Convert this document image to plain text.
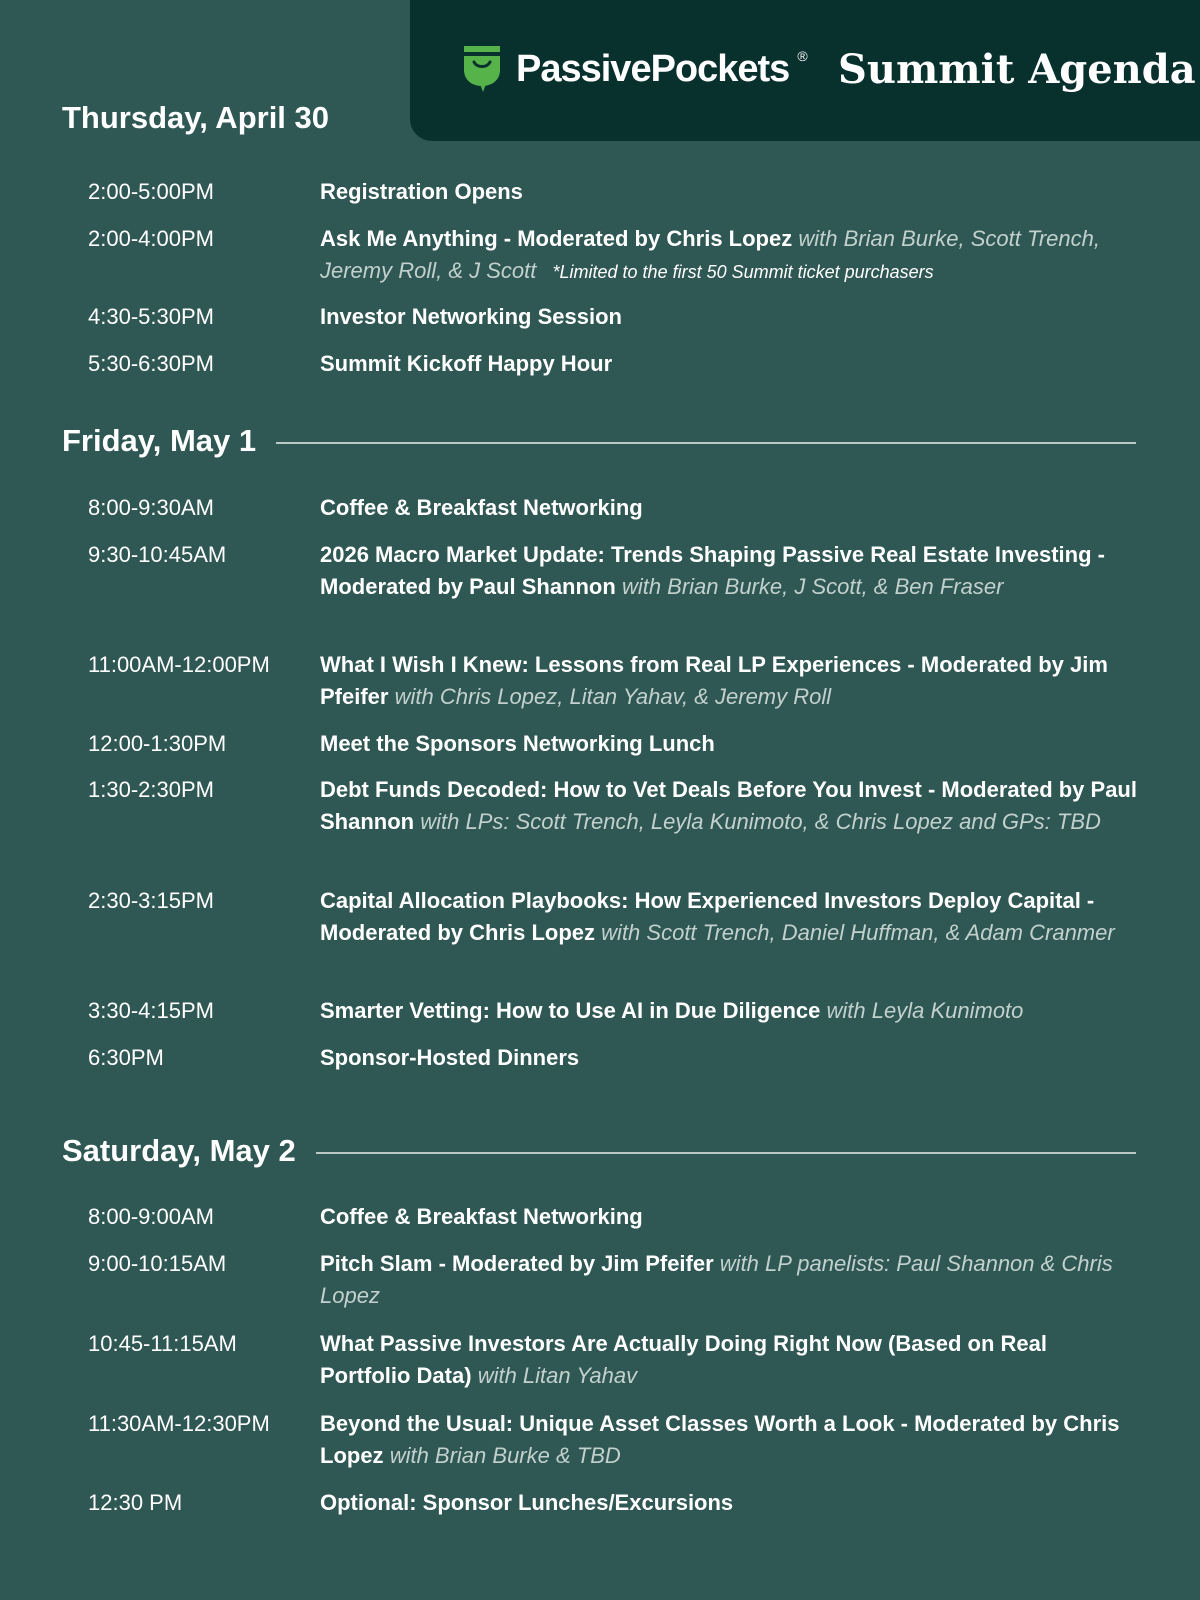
PassivePockets ® Summit Agenda
Thursday, April 30
2:00-5:00PM	Registration Opens
2:00-4:00PM	Ask Me Anything - Moderated by Chris Lopez with Brian Burke, Scott Trench, Jeremy Roll, & J Scott *Limited to the first 50 Summit ticket purchasers
4:30-5:30PM	Investor Networking Session
5:30-6:30PM	Summit Kickoff Happy Hour
Friday, May 1
8:00-9:30AM	Coffee & Breakfast Networking
9:30-10:45AM	2026 Macro Market Update: Trends Shaping Passive Real Estate Investing - Moderated by Paul Shannon with Brian Burke, J Scott, & Ben Fraser
11:00AM-12:00PM	What I Wish I Knew: Lessons from Real LP Experiences - Moderated by Jim Pfeifer with Chris Lopez, Litan Yahav, & Jeremy Roll
12:00-1:30PM	Meet the Sponsors Networking Lunch
1:30-2:30PM	Debt Funds Decoded: How to Vet Deals Before You Invest - Moderated by Paul Shannon with LPs: Scott Trench, Leyla Kunimoto, & Chris Lopez and GPs: TBD
2:30-3:15PM	Capital Allocation Playbooks: How Experienced Investors Deploy Capital - Moderated by Chris Lopez with Scott Trench, Daniel Huffman, & Adam Cranmer
3:30-4:15PM	Smarter Vetting: How to Use AI in Due Diligence with Leyla Kunimoto
6:30PM	Sponsor-Hosted Dinners
Saturday, May 2
8:00-9:00AM	Coffee & Breakfast Networking
9:00-10:15AM	Pitch Slam - Moderated by Jim Pfeifer with LP panelists: Paul Shannon & Chris Lopez
10:45-11:15AM	What Passive Investors Are Actually Doing Right Now (Based on Real Portfolio Data) with Litan Yahav
11:30AM-12:30PM	Beyond the Usual: Unique Asset Classes Worth a Look - Moderated by Chris Lopez with Brian Burke & TBD
12:30 PM	Optional: Sponsor Lunches/Excursions
